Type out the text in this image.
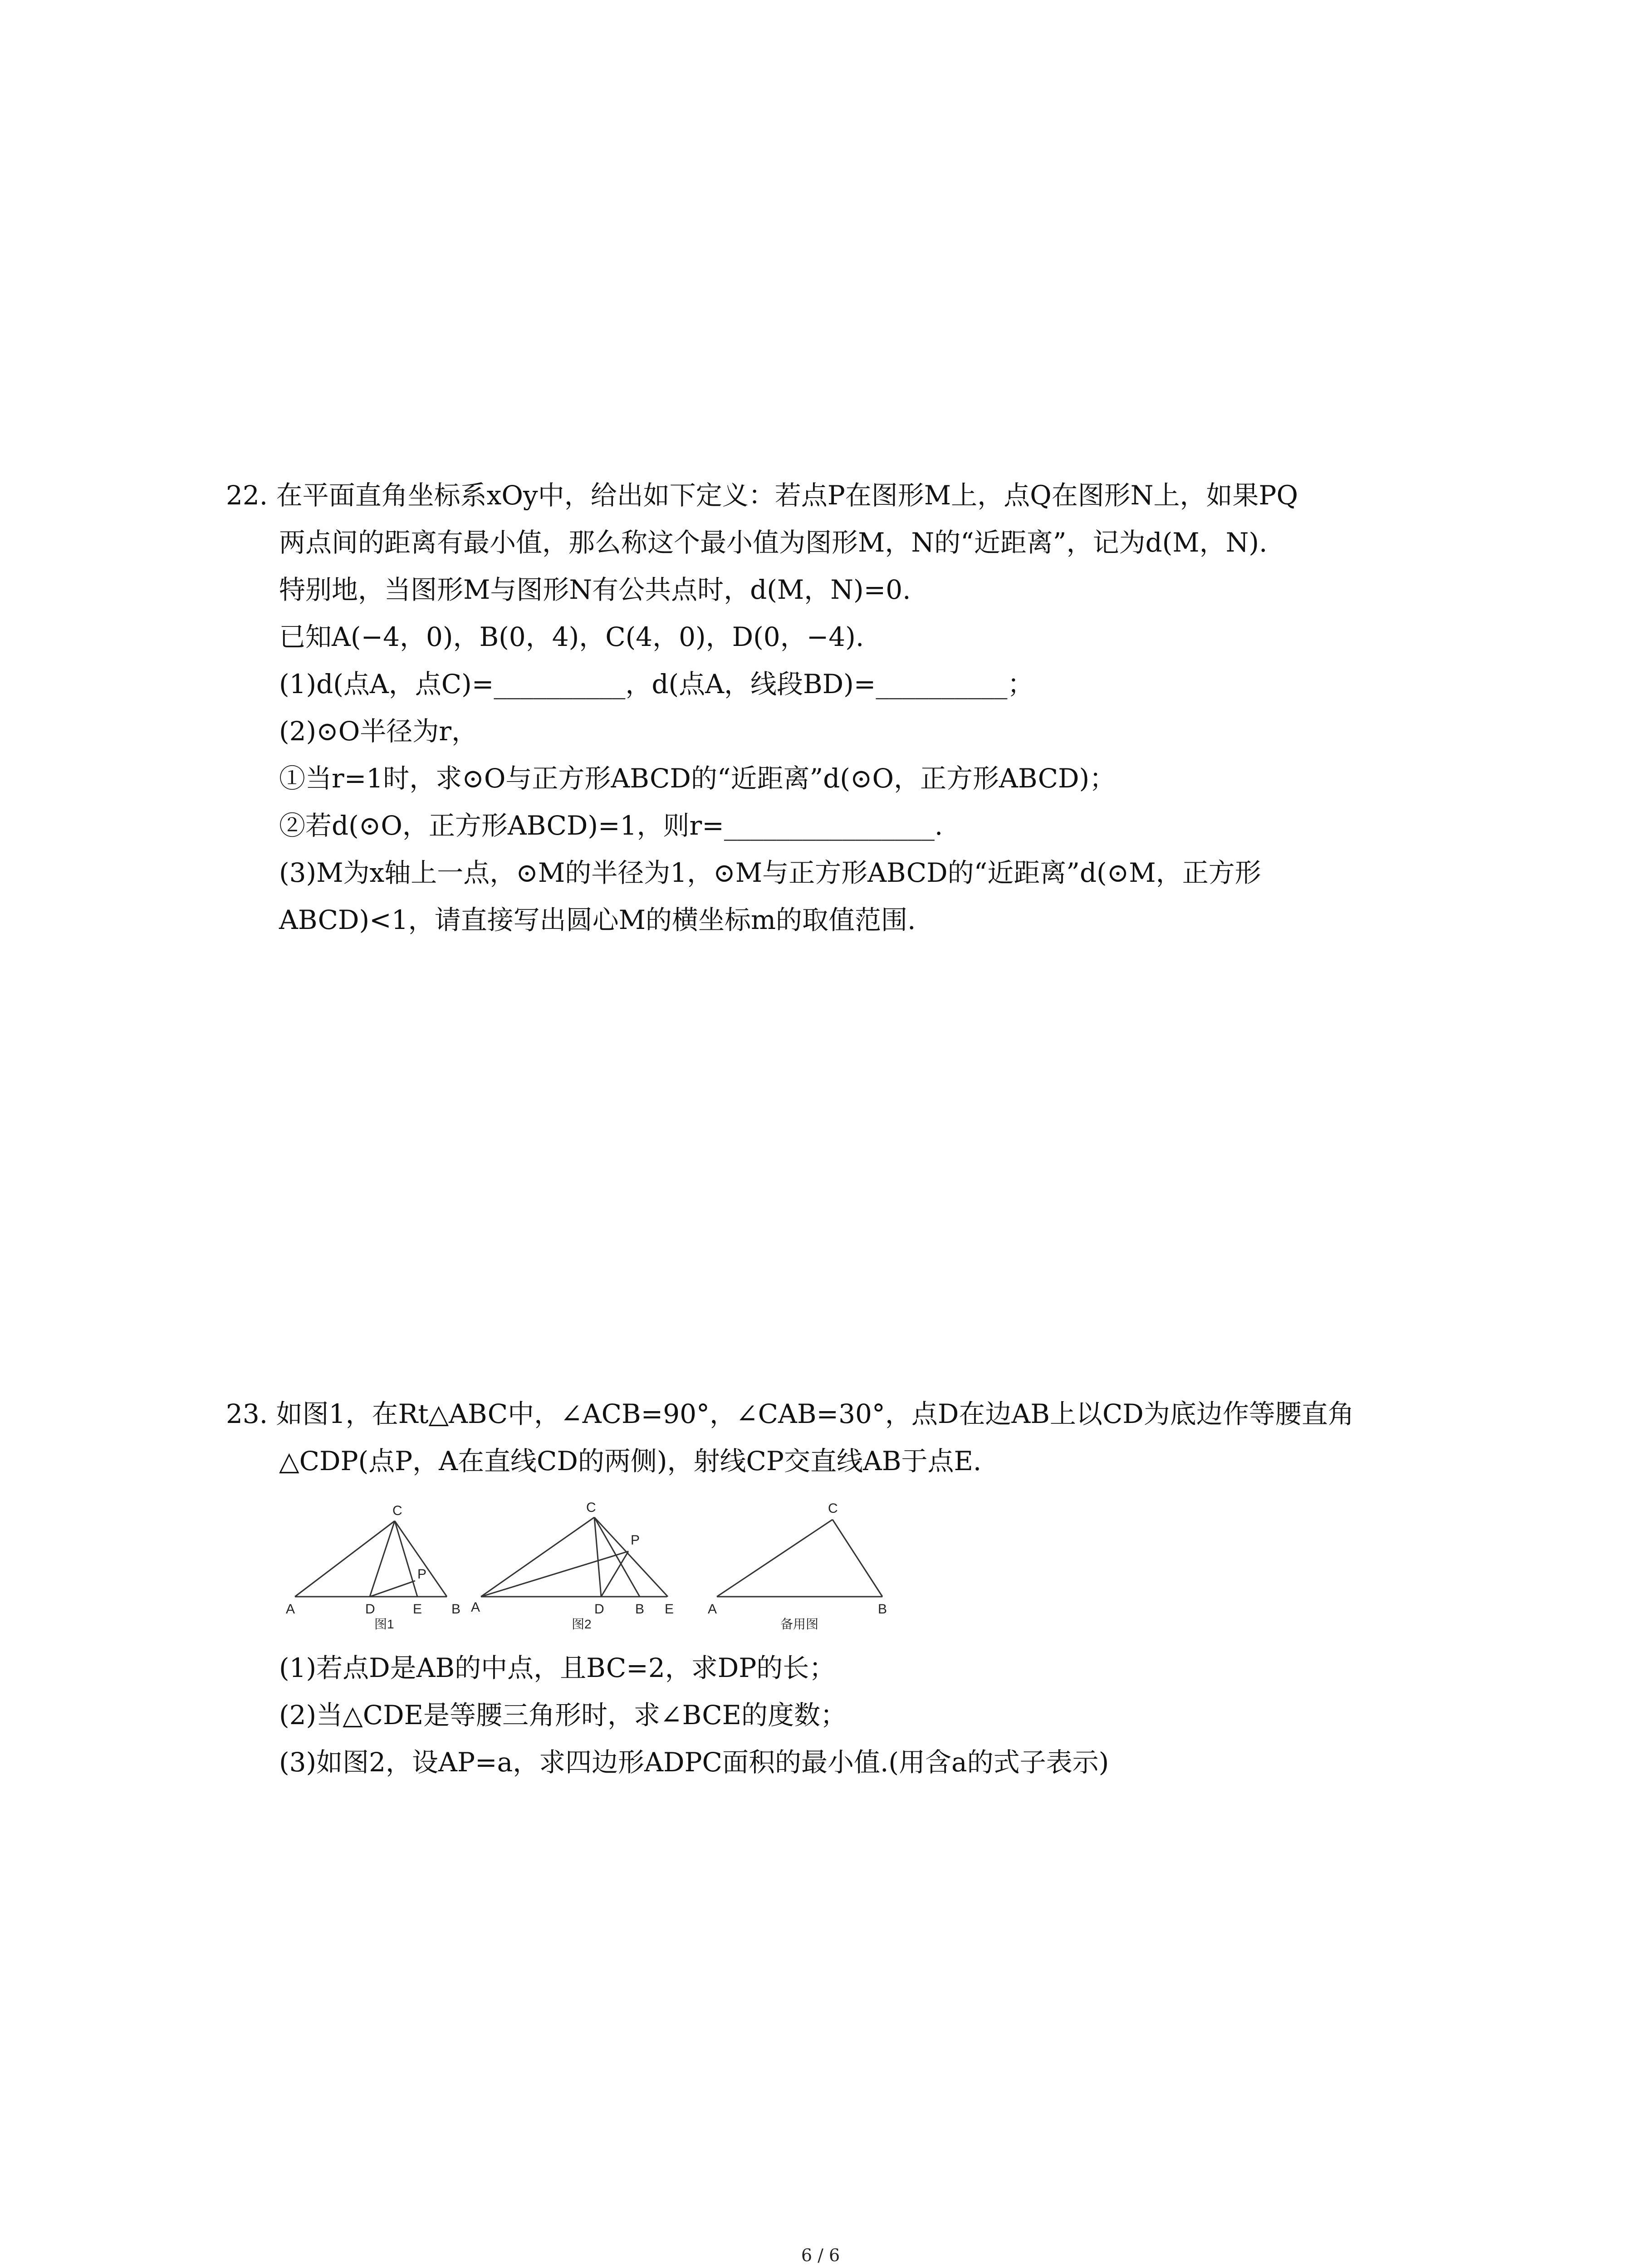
22. 在平面直角坐标系xOy中，给出如下定义：若点P在图形M上，点Q在图形N上，如果PQ
两点间的距离有最小值，那么称这个最小值为图形M，N的“近距离”，记为d(M，N).
特别地，当图形M与图形N有公共点时，d(M，N)=0.
已知A(−4，0)，B(0，4)，C(4，0)，D(0，−4).
(1)d(点A，点C)=__________，d(点A，线段BD)=__________；
(2)⊙O半径为r，
①当r=1时，求⊙O与正方形ABCD的“近距离”d(⊙O，正方形ABCD)；
②若d(⊙O，正方形ABCD)=1，则r=________________.
(3)M为x轴上一点，⊙M的半径为1，⊙M与正方形ABCD的“近距离”d(⊙M，正方形
ABCD)<1，请直接写出圆心M的横坐标m的取值范围.
23. 如图1，在Rt△ABC中，∠ACB=90°，∠CAB=30°，点D在边AB上以CD为底边作等腰直角
△CDP(点P，A在直线CD的两侧)，射线CP交直线AB于点E.
A	B
C
D	E
P
图1
A	B
C
D	E
P
图2
A	B
C
备用图
(1)若点D是AB的中点，且BC=2，求DP的长；
(2)当△CDE是等腰三角形时，求∠BCE的度数；
(3)如图2，设AP=a，求四边形ADPC面积的最小值.(用含a的式子表示)
6 / 6
